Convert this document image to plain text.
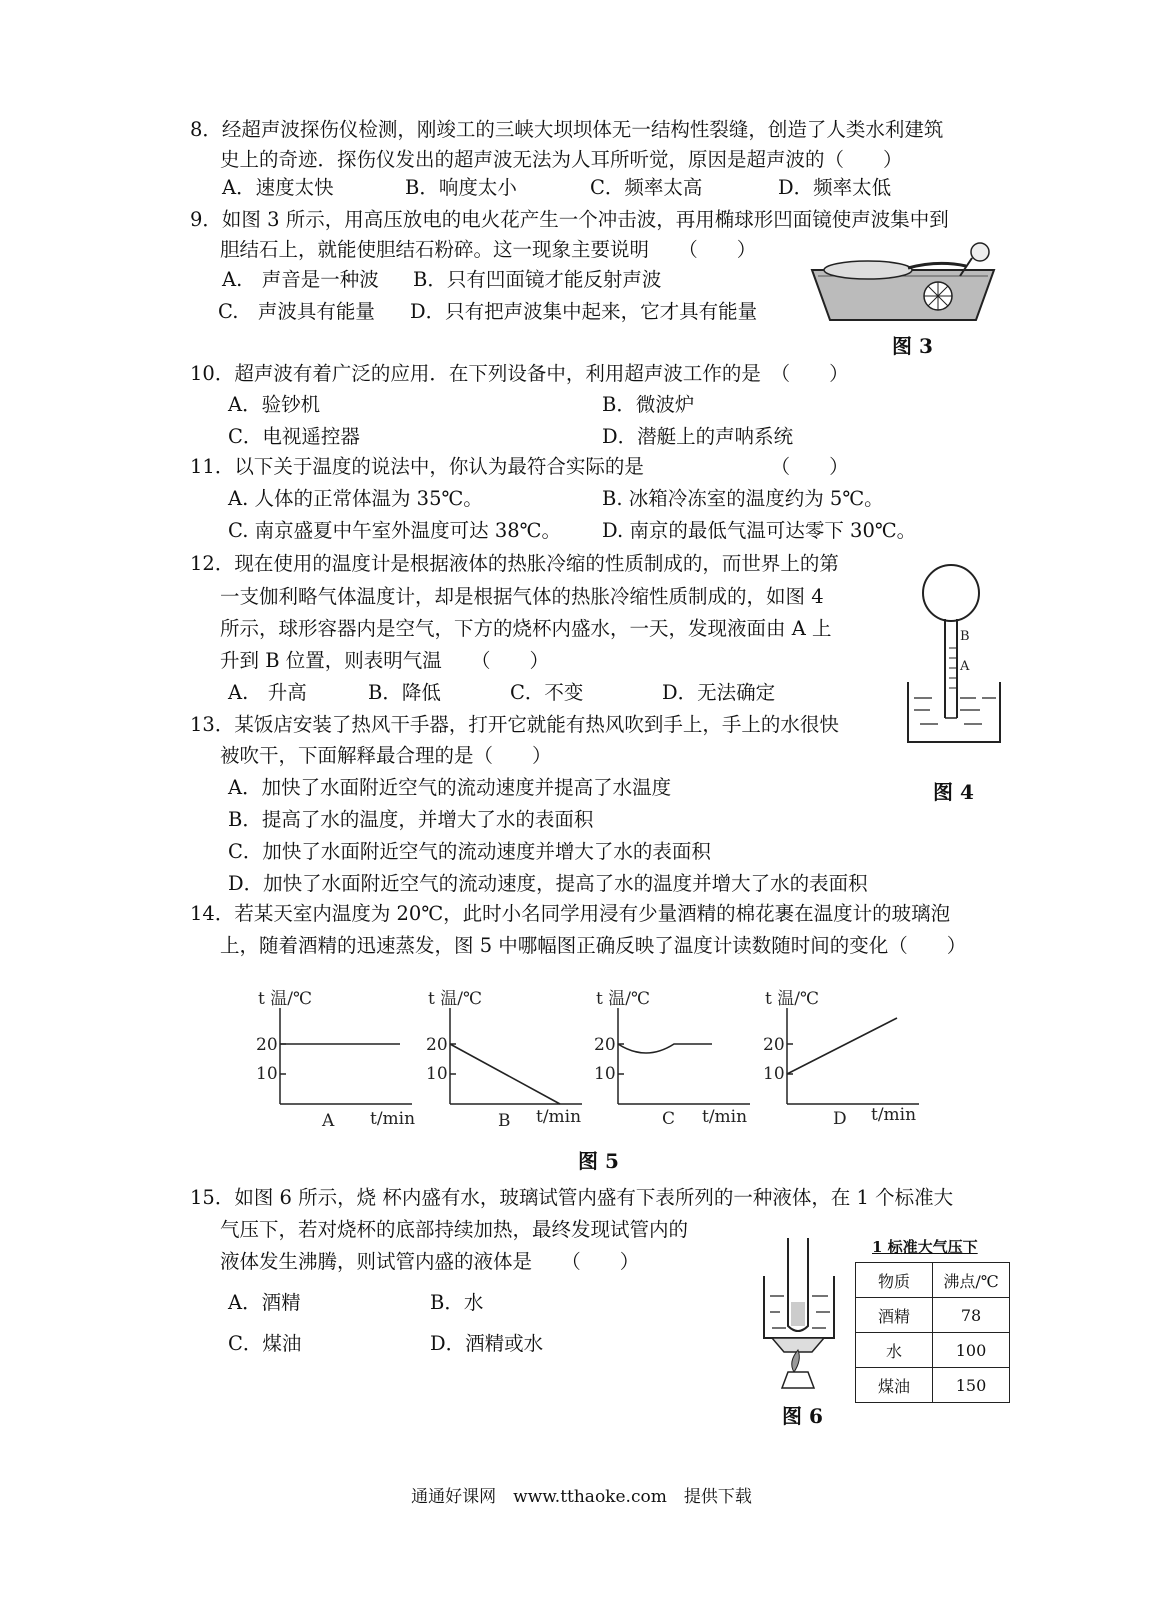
8．经超声波探伤仪检测，刚竣工的三峡大坝坝体无一结构性裂缝，创造了人类水利建筑
史上的奇迹．探伤仪发出的超声波无法为人耳所听觉，原因是超声波的（　　）
A．速度太快	B．响度太小	C．频率太高	D．频率太低
9．如图 3 所示，用高压放电的电火花产生一个冲击波，再用椭球形凹面镜使声波集中到
胆结石上，就能使胆结石粉碎。这一现象主要说明　　（　　）
A.　声音是一种波 B．只有凹面镜才能反射声波
C.　声波具有能量 D．只有把声波集中起来，它才具有能量
图 3
10．超声波有着广泛的应用．在下列设备中，利用超声波工作的是　（　　）
A．验钞机	B．微波炉
C．电视遥控器	D．潜艇上的声呐系统
11．以下关于温度的说法中，你认为最符合实际的是　　　　　　　（　　）
A. 人体的正常体温为 35℃。	B. 冰箱冷冻室的温度约为 5℃。
C. 南京盛夏中午室外温度可达 38℃。 D. 南京的最低气温可达零下 30℃。
12．现在使用的温度计是根据液体的热胀冷缩的性质制成的，而世界上的第
一支伽利略气体温度计，却是根据气体的热胀冷缩性质制成的，如图 4
所示，球形容器内是空气，下方的烧杯内盛水，一天，发现液面由 A 上
升到 B 位置，则表明气温　　（　　）
A.　升高	B．降低	C．不变	D．无法确定
B
A
图 4
13．某饭店安装了热风干手器，打开它就能有热风吹到手上，手上的水很快
被吹干，下面解释最合理的是（　　）
A．加快了水面附近空气的流动速度并提高了水温度
B．提高了水的温度，并增大了水的表面积
C．加快了水面附近空气的流动速度并增大了水的表面积
D．加快了水面附近空气的流动速度，提高了水的温度并增大了水的表面积
14．若某天室内温度为 20℃，此时小名同学用浸有少量酒精的棉花裹在温度计的玻璃泡
上，随着酒精的迅速蒸发，图 5 中哪幅图正确反映了温度计读数随时间的变化（　　）
t 温/℃
20
10
A t/min
t 温/℃
20
10
B t/min
t 温/℃
20
10
C t/min
t 温/℃
20
10
D t/min
图 5
15．如图 6 所示，烧 杯内盛有水，玻璃试管内盛有下表所列的一种液体，在 1 个标准大
气压下，若对烧杯的底部持续加热，最终发现试管内的
液体发生沸腾，则试管内盛的液体是　　（　　）
A．酒精	B．水
C．煤油	D．酒精或水
图 6
1 标准大气压下
物质	沸点/℃
酒精	78
水	100
煤油	150
通通好课网　www.tthaoke.com　提供下载
